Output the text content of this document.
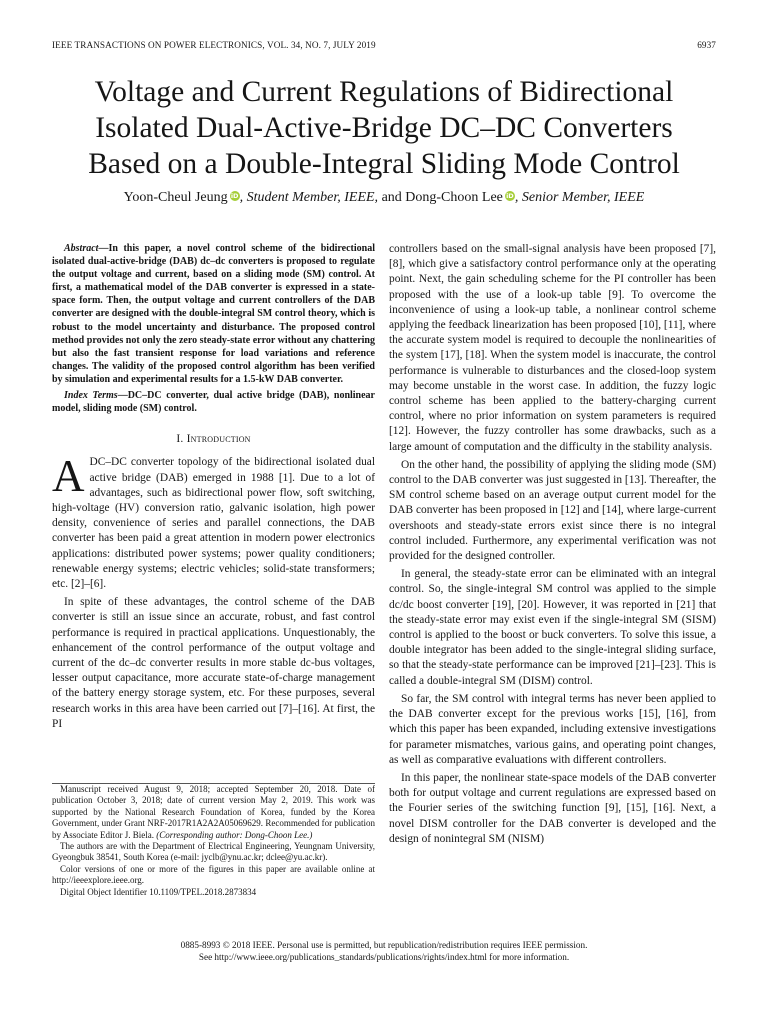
IEEE TRANSACTIONS ON POWER ELECTRONICS, VOL. 34, NO. 7, JULY 2019	6937
Voltage and Current Regulations of Bidirectional
Isolated Dual-Active-Bridge DC–DC Converters
Based on a Double-Integral Sliding Mode Control
Yoon-Cheul Jeung iD, Student Member, IEEE, and Dong-Choon Lee iD, Senior Member, IEEE

Abstract—In this paper, a novel control scheme of the bidirectional isolated dual-active-bridge (DAB) dc–dc converters is proposed to regulate the output voltage and current, based on a sliding mode (SM) control. At first, a mathematical model of the DAB converter is expressed in a state-space form. Then, the output voltage and current controllers of the DAB converter are designed with the double-integral SM control theory, which is robust to the model uncertainty and disturbance. The proposed control method provides not only the zero steady-state error without any chattering but also the fast transient response for load variations and reference changes. The validity of the proposed control algorithm has been verified by simulation and experimental results for a 1.5-kW DAB converter.

Index Terms—DC–DC converter, dual active bridge (DAB), nonlinear model, sliding mode (SM) control.

I. Introduction

ADC–DC converter topology of the bidirectional isolated dual active bridge (DAB) emerged in 1988 [1]. Due to a lot of advantages, such as bidirectional power flow, soft switching, high-voltage (HV) conversion ratio, galvanic isolation, high power density, convenience of series and parallel connections, the DAB converter has been paid a great attention in modern power electronics applications: distributed power systems; power quality conditioners; renewable energy systems; electric vehicles; solid-state transformers; etc. [2]–[6].

In spite of these advantages, the control scheme of the DAB converter is still an issue since an accurate, robust, and fast control performance is required in practical applications. Unquestionably, the enhancement of the control performance of the output voltage and current of the dc–dc converter results in more stable dc-bus voltages, lesser output capacitance, more accurate state-of-charge management of the battery energy storage system, etc. For these purposes, several research works in this area have been carried out [7]–[16]. At first, the PI

controllers based on the small-signal analysis have been proposed [7], [8], which give a satisfactory control performance only at the operating point. Next, the gain scheduling scheme for the PI controller has been proposed with the use of a look-up table [9]. To overcome the inconvenience of using a look-up table, a nonlinear control scheme applying the feedback linearization has been proposed [10], [11], where the accurate system model is required to decouple the nonlinearities of the system [17], [18]. When the system model is inaccurate, the control performance is vulnerable to disturbances and the closed-loop system may become unstable in the worst case. In addition, the fuzzy logic control scheme has been applied to the battery-charging current control, where no prior information on system parameters is required [12]. However, the fuzzy controller has some drawbacks, such as a large amount of computation and the difficulty in the stability analysis.

On the other hand, the possibility of applying the sliding mode (SM) control to the DAB converter was just suggested in [13]. Thereafter, the SM control scheme based on an average output current model for the DAB converter has been proposed in [12] and [14], where large-current overshoots and steady-state errors exist since there is no integral control included. Furthermore, any experimental verification was not provided for the designed controller.

In general, the steady-state error can be eliminated with an integral control. So, the single-integral SM control was applied to the simple dc/dc boost converter [19], [20]. However, it was reported in [21] that the steady-state error may exist even if the single-integral SM (SISM) control is applied to the boost or buck converters. To solve this issue, a double integrator has been added to the single-integral sliding surface, so that the steady-state performance can be improved [21]–[23]. This is called a double-integral SM (DISM) control.

So far, the SM control with integral terms has never been applied to the DAB converter except for the previous works [15], [16], from which this paper has been expanded, including extensive investigations for parameter mismatches, various gains, and operating point changes, as well as comparative evaluations with different controllers.

In this paper, the nonlinear state-space models of the DAB converter both for output voltage and current regulations are expressed based on the Fourier series of the switching function [9], [15], [16]. Next, a novel DISM controller for the DAB converter is developed and the design of nonintegral SM (NISM)

Manuscript received August 9, 2018; accepted September 20, 2018. Date of publication October 3, 2018; date of current version May 2, 2019. This work was supported by the National Research Foundation of Korea, funded by the Korea Government, under Grant NRF-2017R1A2A2A05069629. Recommended for publication by Associate Editor J. Biela. (Corresponding author: Dong-Choon Lee.)

The authors are with the Department of Electrical Engineering, Yeungnam University, Gyeongbuk 38541, South Korea (e-mail: jyclb@ynu.ac.kr; dclee@yu.ac.kr).

Color versions of one or more of the figures in this paper are available online at http://ieeexplore.ieee.org.

Digital Object Identifier 10.1109/TPEL.2018.2873834

0885-8993 © 2018 IEEE. Personal use is permitted, but republication/redistribution requires IEEE permission.
See http://www.ieee.org/publications_standards/publications/rights/index.html for more information.
